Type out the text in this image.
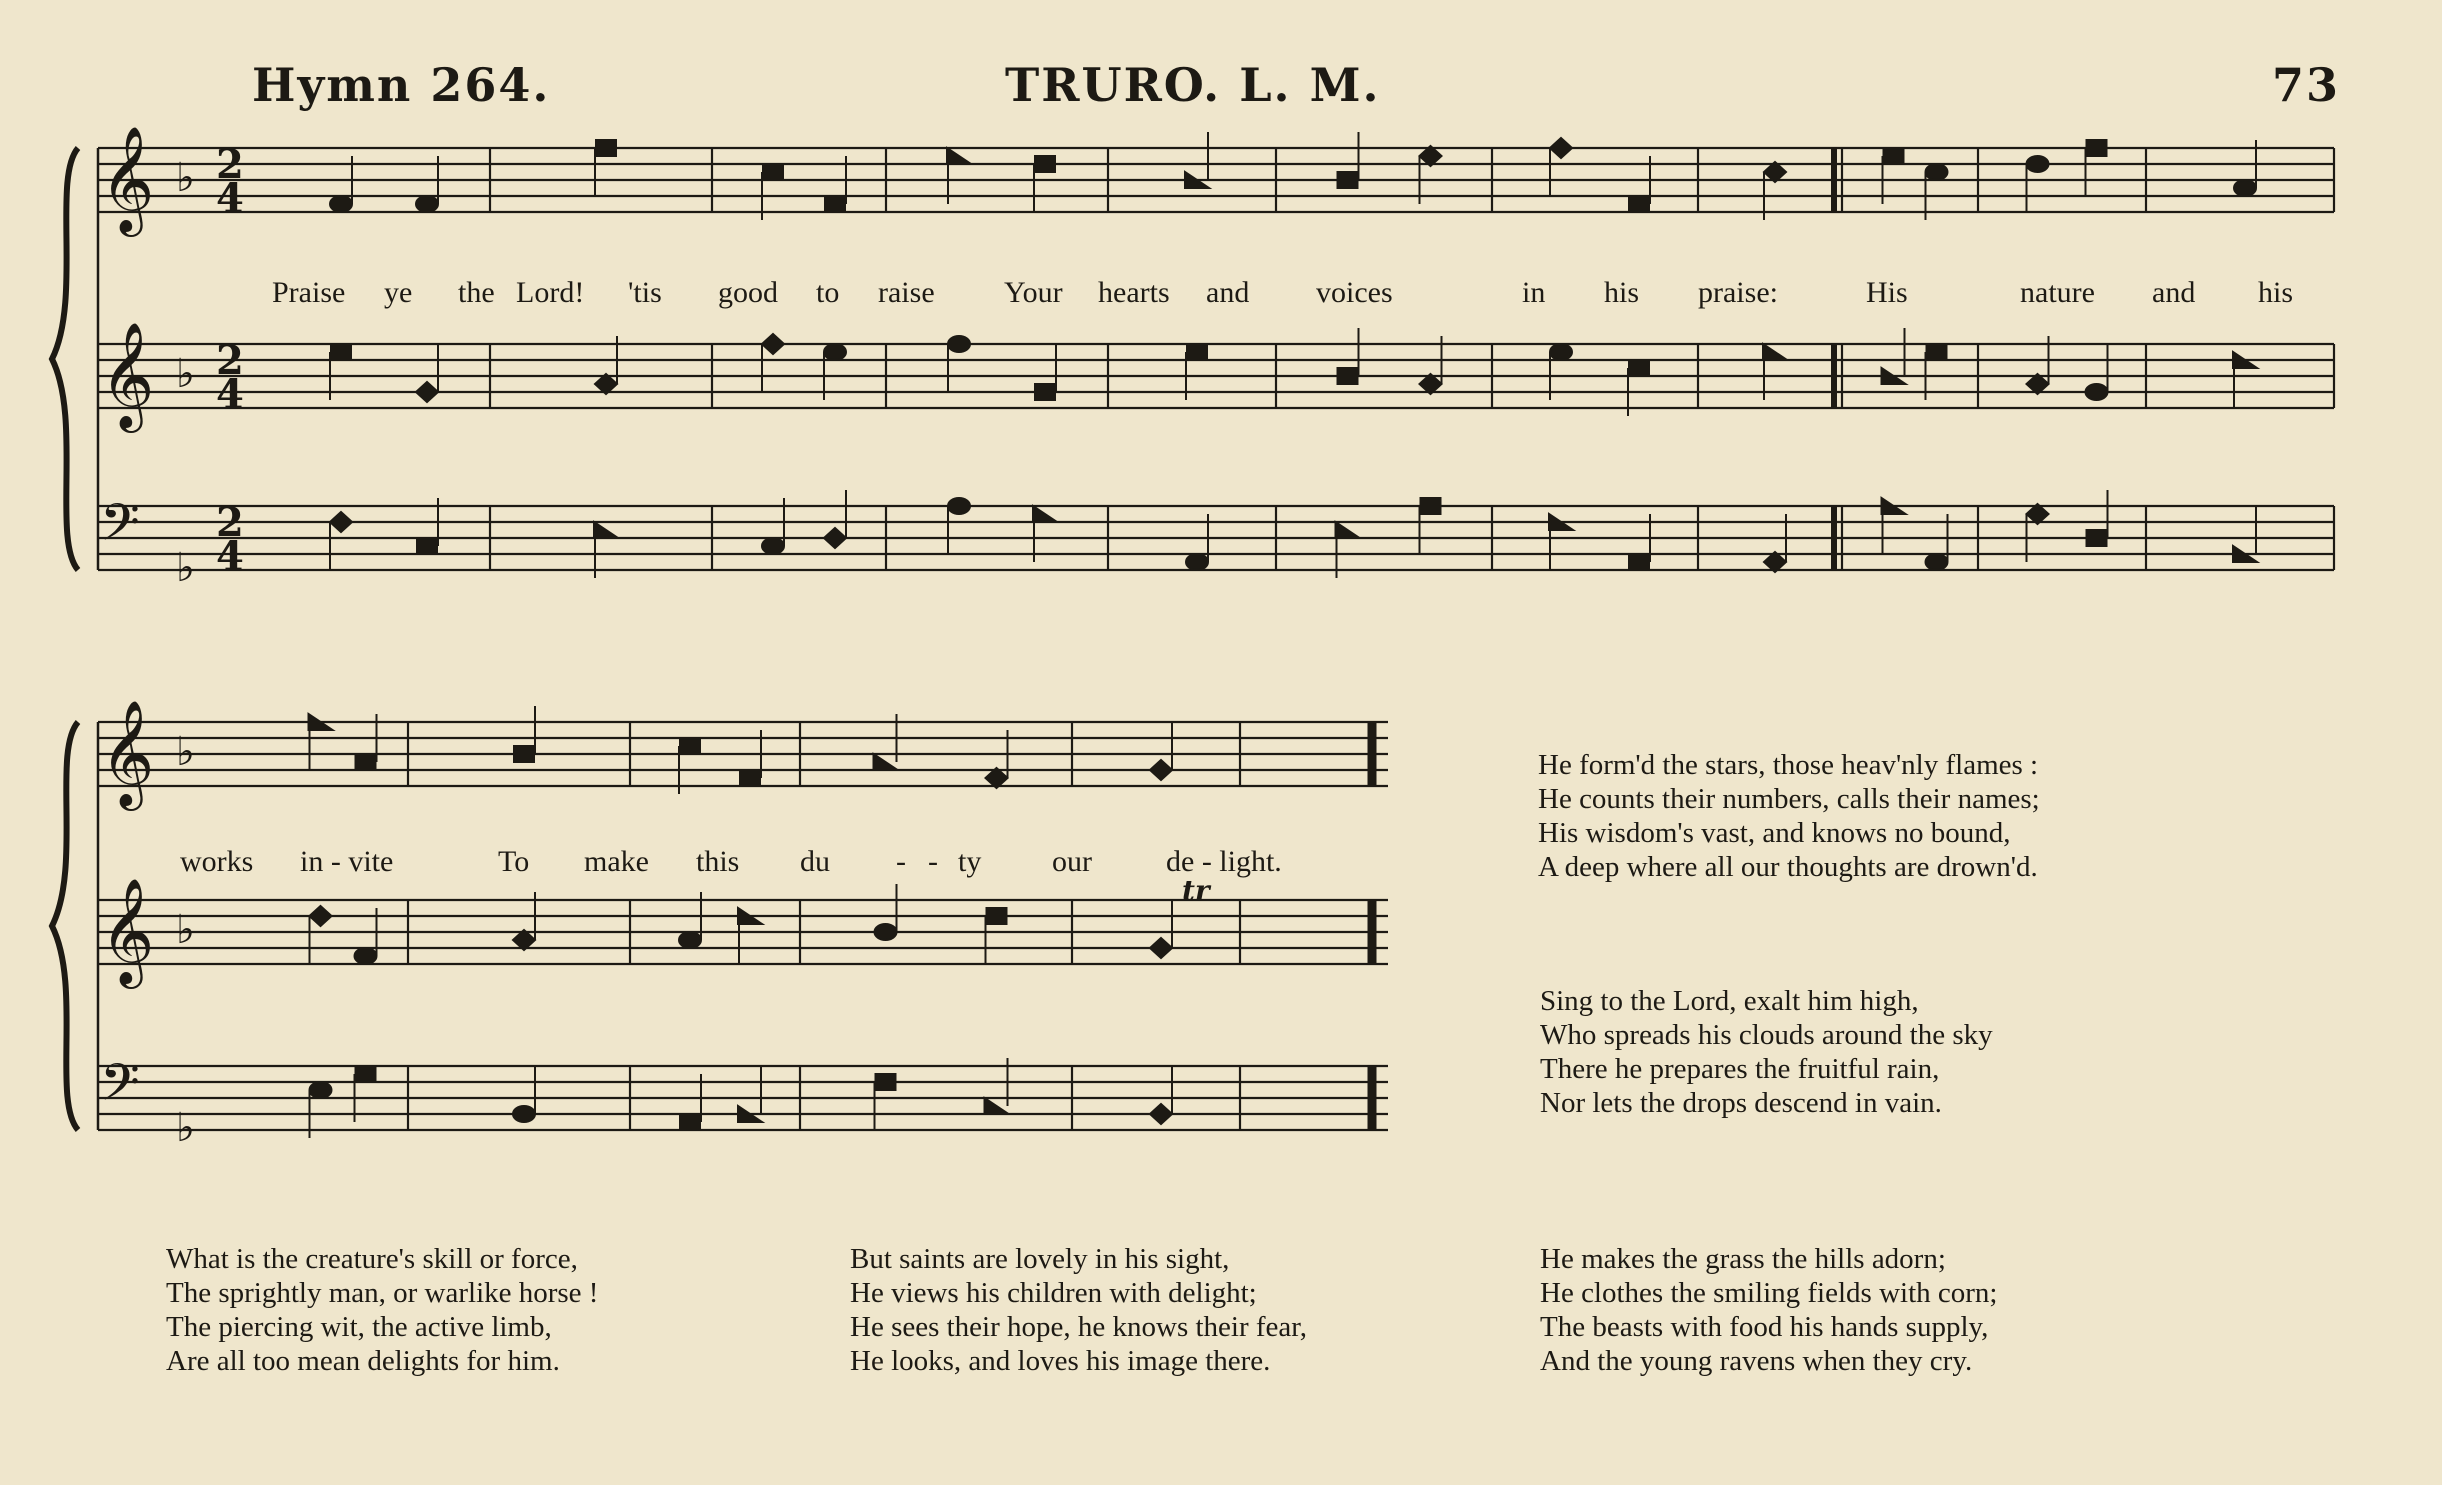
Hymn 264.	TRURO. L. M.	73
𝄞 ♭ 2
4
𝄞 ♭ 2
4
𝄢
♭
2
4
𝄞 ♭
𝄞 ♭
𝄢
♭
tr
Praise ye the Lord! 'tis good to raise Your hearts and voices	in his praise:	His	nature and his
works in - vite	To make this du - - ty our de - light.
He form'd the stars, those heav'nly flames :
He counts their numbers, calls their names;
His wisdom's vast, and knows no bound,
A deep where all our thoughts are drown'd.
Sing to the Lord, exalt him high,
Who spreads his clouds around the sky
There he prepares the fruitful rain,
Nor lets the drops descend in vain.
What is the creature's skill or force,
The sprightly man, or warlike horse !
The piercing wit, the active limb,
Are all too mean delights for him.
But saints are lovely in his sight,
He views his children with delight;
He sees their hope, he knows their fear,
He looks, and loves his image there.
He makes the grass the hills adorn;
He clothes the smiling fields with corn;
The beasts with food his hands supply,
And the young ravens when they cry.
